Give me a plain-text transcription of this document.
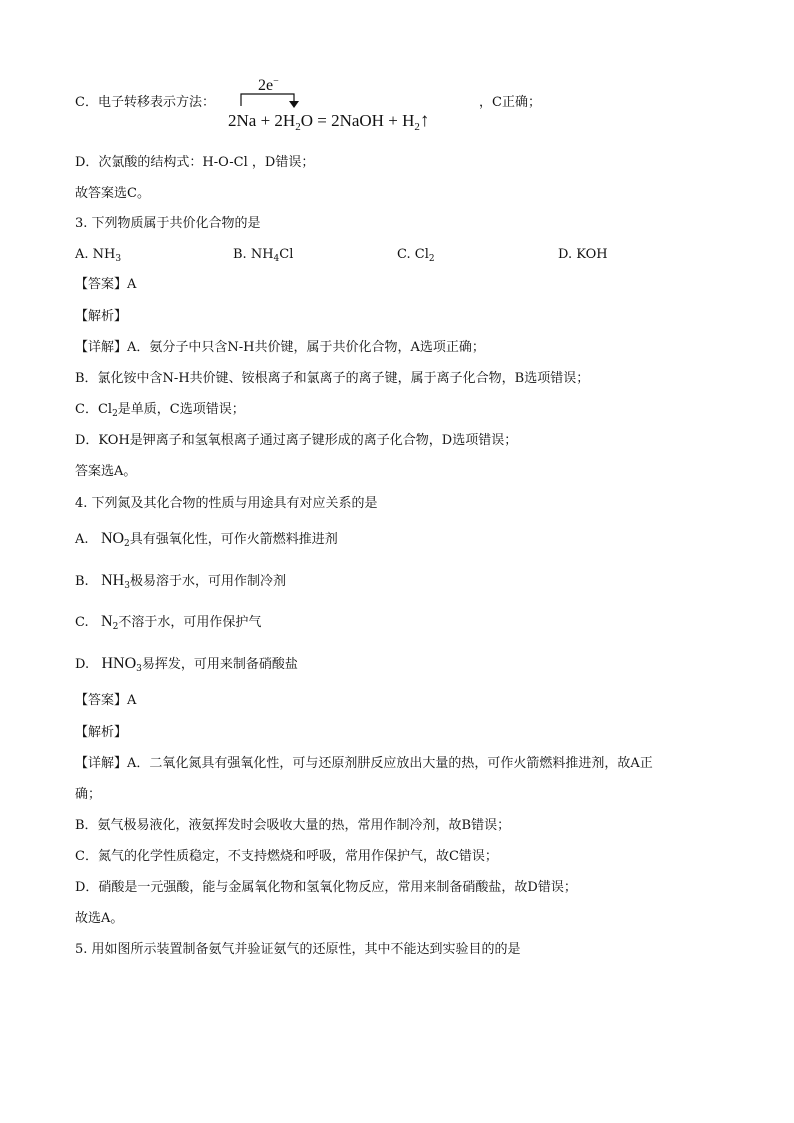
C．电子转移表示方法：
2e−
$2Na + 2H_2O$ = 2NaOH + $H_2↑$
，C正确；
D．次氯酸的结构式：H-O-Cl ，D错误；
故答案选C。
3. 下列物质属于共价化合物的是
A. $NH_3$	B. $NH_4Cl$	C. $Cl_2$	D. KOH
【答案】A
【解析】
【详解】A．氨分子中只含N-H共价键，属于共价化合物，A选项正确；
B．氯化铵中含N-H共价键、铵根离子和氯离子的离子键，属于离子化合物，B选项错误；
C．$Cl_2$是单质，C选项错误；
D．KOH是钾离子和氢氧根离子通过离子键形成的离子化合物，D选项错误；
答案选A。
4. 下列氮及其化合物的性质与用途具有对应关系的是
A. $NO_2$具有强氧化性，可作火箭燃料推进剂
B. $NH_3$极易溶于水，可用作制冷剂
C. $N_2$不溶于水，可用作保护气
D. $HNO_3$易挥发，可用来制备硝酸盐
【答案】A
【解析】
【详解】A．二氧化氮具有强氧化性，可与还原剂肼反应放出大量的热，可作火箭燃料推进剂，故A正
确；
B．氨气极易液化，液氨挥发时会吸收大量的热，常用作制冷剂，故B错误；
C．氮气的化学性质稳定，不支持燃烧和呼吸，常用作保护气，故C错误；
D．硝酸是一元强酸，能与金属氧化物和氢氧化物反应，常用来制备硝酸盐，故D错误；
故选A。
5. 用如图所示装置制备氨气并验证氨气的还原性，其中不能达到实验目的的是
